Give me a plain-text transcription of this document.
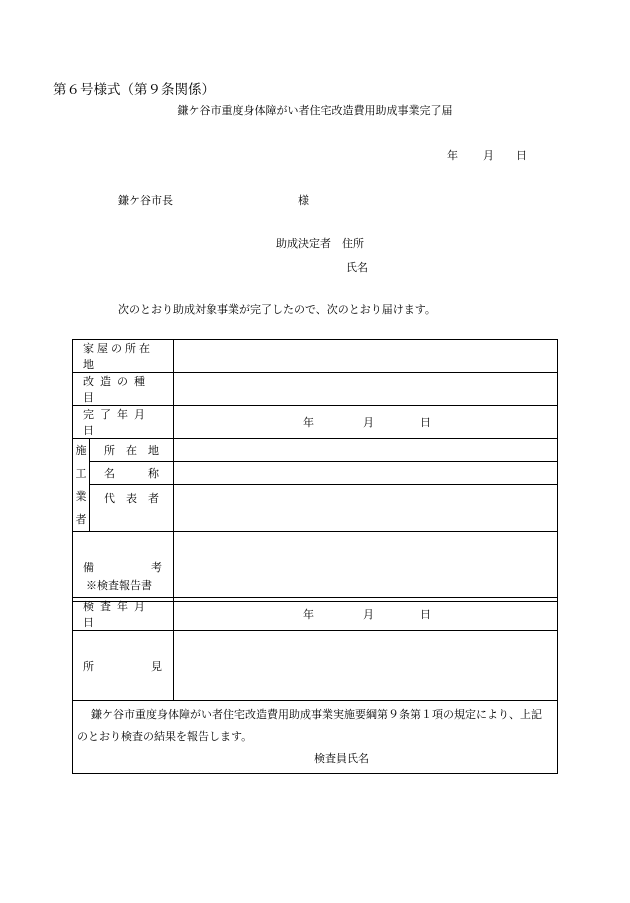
第６号様式（第９条関係）
鎌ケ谷市重度身体障がい者住宅改造費用助成事業完了届
年 月 日
鎌ケ谷市長	様
助成決定者　住所
氏名
次のとおり助成対象事業が完了したので、次のとおり届けます。
家屋の所在地		

改造の種目		

完了年月日		年 月 日

施
工
業
者	所　在　地	
	名　　　称	
	代　表　者	

備 考		

※検査報告書
検査年月日	年 月 日

所 見	

鎌ケ谷市重度身体障がい者住宅改造費用助成事業実施要綱第９条第１項の規定により、上記
のとおり検査の結果を報告します。
検査員氏名	
